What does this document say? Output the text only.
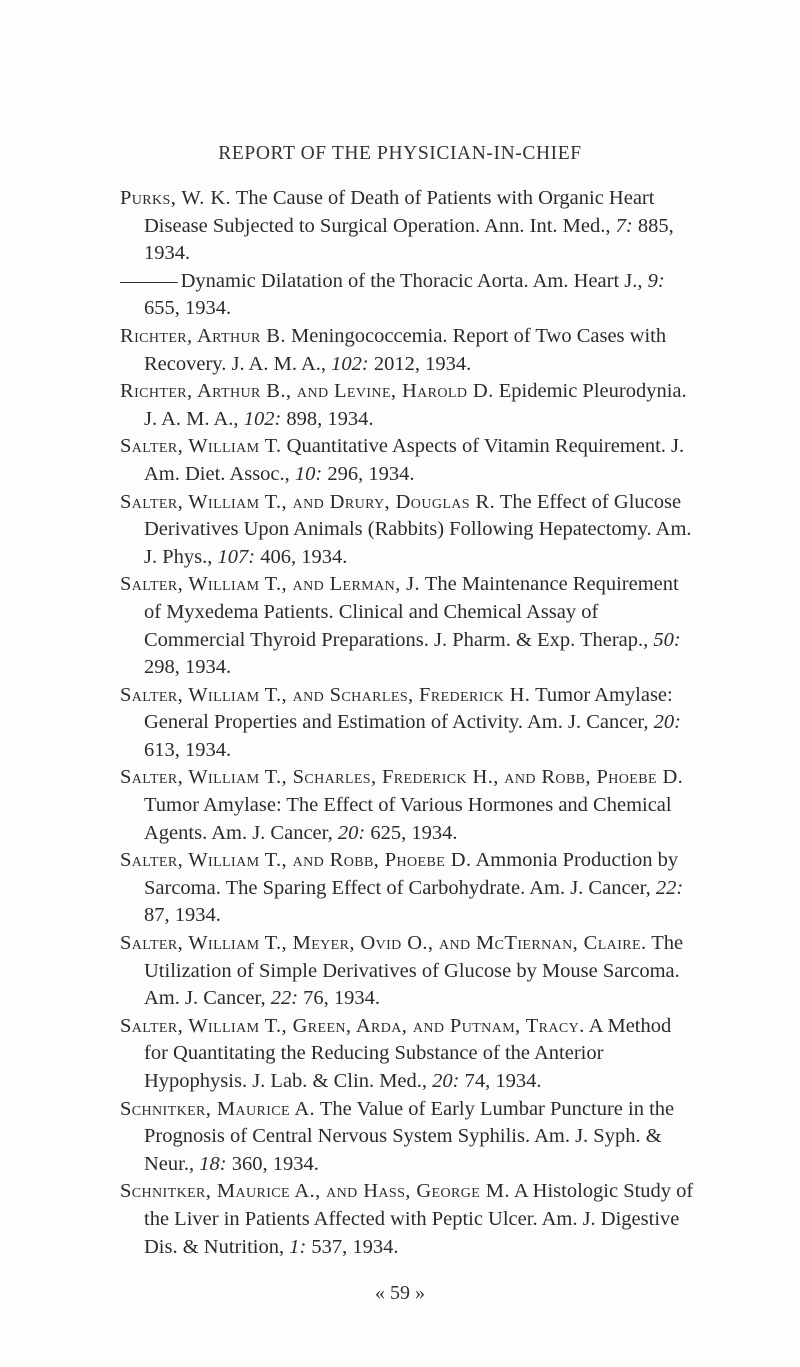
REPORT OF THE PHYSICIAN-IN-CHIEF
Purks, W. K. The Cause of Death of Patients with Organic Heart Disease Subjected to Surgical Operation. Ann. Int. Med., 7: 885, 1934.
——— Dynamic Dilatation of the Thoracic Aorta. Am. Heart J., 9: 655, 1934.
Richter, Arthur B. Meningococcemia. Report of Two Cases with Recovery. J. A. M. A., 102: 2012, 1934.
Richter, Arthur B., and Levine, Harold D. Epidemic Pleurodynia. J. A. M. A., 102: 898, 1934.
Salter, William T. Quantitative Aspects of Vitamin Requirement. J. Am. Diet. Assoc., 10: 296, 1934.
Salter, William T., and Drury, Douglas R. The Effect of Glucose Derivatives Upon Animals (Rabbits) Following Hepatectomy. Am. J. Phys., 107: 406, 1934.
Salter, William T., and Lerman, J. The Maintenance Requirement of Myxedema Patients. Clinical and Chemical Assay of Commercial Thyroid Preparations. J. Pharm. & Exp. Therap., 50: 298, 1934.
Salter, William T., and Scharles, Frederick H. Tumor Amylase: General Properties and Estimation of Activity. Am. J. Cancer, 20: 613, 1934.
Salter, William T., Scharles, Frederick H., and Robb, Phoebe D. Tumor Amylase: The Effect of Various Hormones and Chemical Agents. Am. J. Cancer, 20: 625, 1934.
Salter, William T., and Robb, Phoebe D. Ammonia Production by Sarcoma. The Sparing Effect of Carbohydrate. Am. J. Cancer, 22: 87, 1934.
Salter, William T., Meyer, Ovid O., and McTiernan, Claire. The Utilization of Simple Derivatives of Glucose by Mouse Sarcoma. Am. J. Cancer, 22: 76, 1934.
Salter, William T., Green, Arda, and Putnam, Tracy. A Method for Quantitating the Reducing Substance of the Anterior Hypophysis. J. Lab. & Clin. Med., 20: 74, 1934.
Schnitker, Maurice A. The Value of Early Lumbar Puncture in the Prognosis of Central Nervous System Syphilis. Am. J. Syph. & Neur., 18: 360, 1934.
Schnitker, Maurice A., and Hass, George M. A Histologic Study of the Liver in Patients Affected with Peptic Ulcer. Am. J. Digestive Dis. & Nutrition, 1: 537, 1934.
« 59 »
